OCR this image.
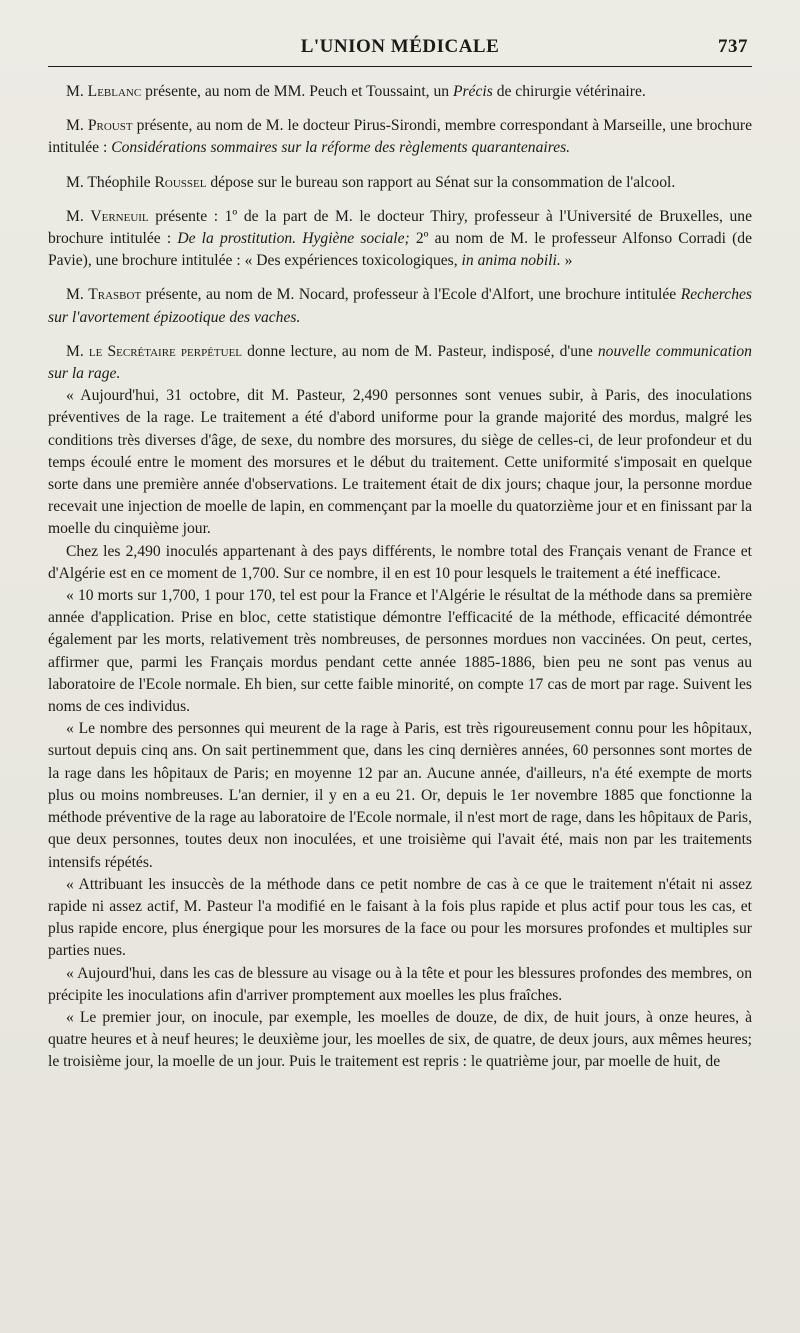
L'UNION MÉDICALE	737

M. Leblanc présente, au nom de MM. Peuch et Toussaint, un Précis de chirurgie vétérinaire.

M. Proust présente, au nom de M. le docteur Pirus-Sirondi, membre correspondant à Marseille, une brochure intitulée : Considérations sommaires sur la réforme des règlements quarantenaires.

M. Théophile Roussel dépose sur le bureau son rapport au Sénat sur la consommation de l'alcool.

M. Verneuil présente : 1º de la part de M. le docteur Thiry, professeur à l'Université de Bruxelles, une brochure intitulée : De la prostitution. Hygiène sociale; 2º au nom de M. le professeur Alfonso Corradi (de Pavie), une brochure intitulée : « Des expériences toxicologiques, in anima nobili. »

M. Trasbot présente, au nom de M. Nocard, professeur à l'Ecole d'Alfort, une brochure intitulée Recherches sur l'avortement épizootique des vaches.

M. le Secrétaire perpétuel donne lecture, au nom de M. Pasteur, indisposé, d'une nouvelle communication sur la rage.

« Aujourd'hui, 31 octobre, dit M. Pasteur, 2,490 personnes sont venues subir, à Paris, des inoculations préventives de la rage. Le traitement a été d'abord uniforme pour la grande majorité des mordus, malgré les conditions très diverses d'âge, de sexe, du nombre des morsures, du siège de celles-ci, de leur profondeur et du temps écoulé entre le moment des morsures et le début du traitement. Cette uniformité s'imposait en quelque sorte dans une première année d'observations. Le traitement était de dix jours; chaque jour, la personne mordue recevait une injection de moelle de lapin, en commençant par la moelle du quatorzième jour et en finissant par la moelle du cinquième jour.

Chez les 2,490 inoculés appartenant à des pays différents, le nombre total des Français venant de France et d'Algérie est en ce moment de 1,700. Sur ce nombre, il en est 10 pour lesquels le traitement a été inefficace.

« 10 morts sur 1,700, 1 pour 170, tel est pour la France et l'Algérie le résultat de la méthode dans sa première année d'application. Prise en bloc, cette statistique démontre l'efficacité de la méthode, efficacité démontrée également par les morts, relativement très nombreuses, de personnes mordues non vaccinées. On peut, certes, affirmer que, parmi les Français mordus pendant cette année 1885-1886, bien peu ne sont pas venus au laboratoire de l'Ecole normale. Eh bien, sur cette faible minorité, on compte 17 cas de mort par rage. Suivent les noms de ces individus.

« Le nombre des personnes qui meurent de la rage à Paris, est très rigoureusement connu pour les hôpitaux, surtout depuis cinq ans. On sait pertinemment que, dans les cinq dernières années, 60 personnes sont mortes de la rage dans les hôpitaux de Paris; en moyenne 12 par an. Aucune année, d'ailleurs, n'a été exempte de morts plus ou moins nombreuses. L'an dernier, il y en a eu 21. Or, depuis le 1er novembre 1885 que fonctionne la méthode préventive de la rage au laboratoire de l'Ecole normale, il n'est mort de rage, dans les hôpitaux de Paris, que deux personnes, toutes deux non inoculées, et une troisième qui l'avait été, mais non par les traitements intensifs répétés.

« Attribuant les insuccès de la méthode dans ce petit nombre de cas à ce que le traitement n'était ni assez rapide ni assez actif, M. Pasteur l'a modifié en le faisant à la fois plus rapide et plus actif pour tous les cas, et plus rapide encore, plus énergique pour les morsures de la face ou pour les morsures profondes et multiples sur parties nues.

« Aujourd'hui, dans les cas de blessure au visage ou à la tête et pour les blessures profondes des membres, on précipite les inoculations afin d'arriver promptement aux moelles les plus fraîches.

« Le premier jour, on inocule, par exemple, les moelles de douze, de dix, de huit jours, à onze heures, à quatre heures et à neuf heures; le deuxième jour, les moelles de six, de quatre, de deux jours, aux mêmes heures; le troisième jour, la moelle de un jour. Puis le traitement est repris : le quatrième jour, par moelle de huit, de
